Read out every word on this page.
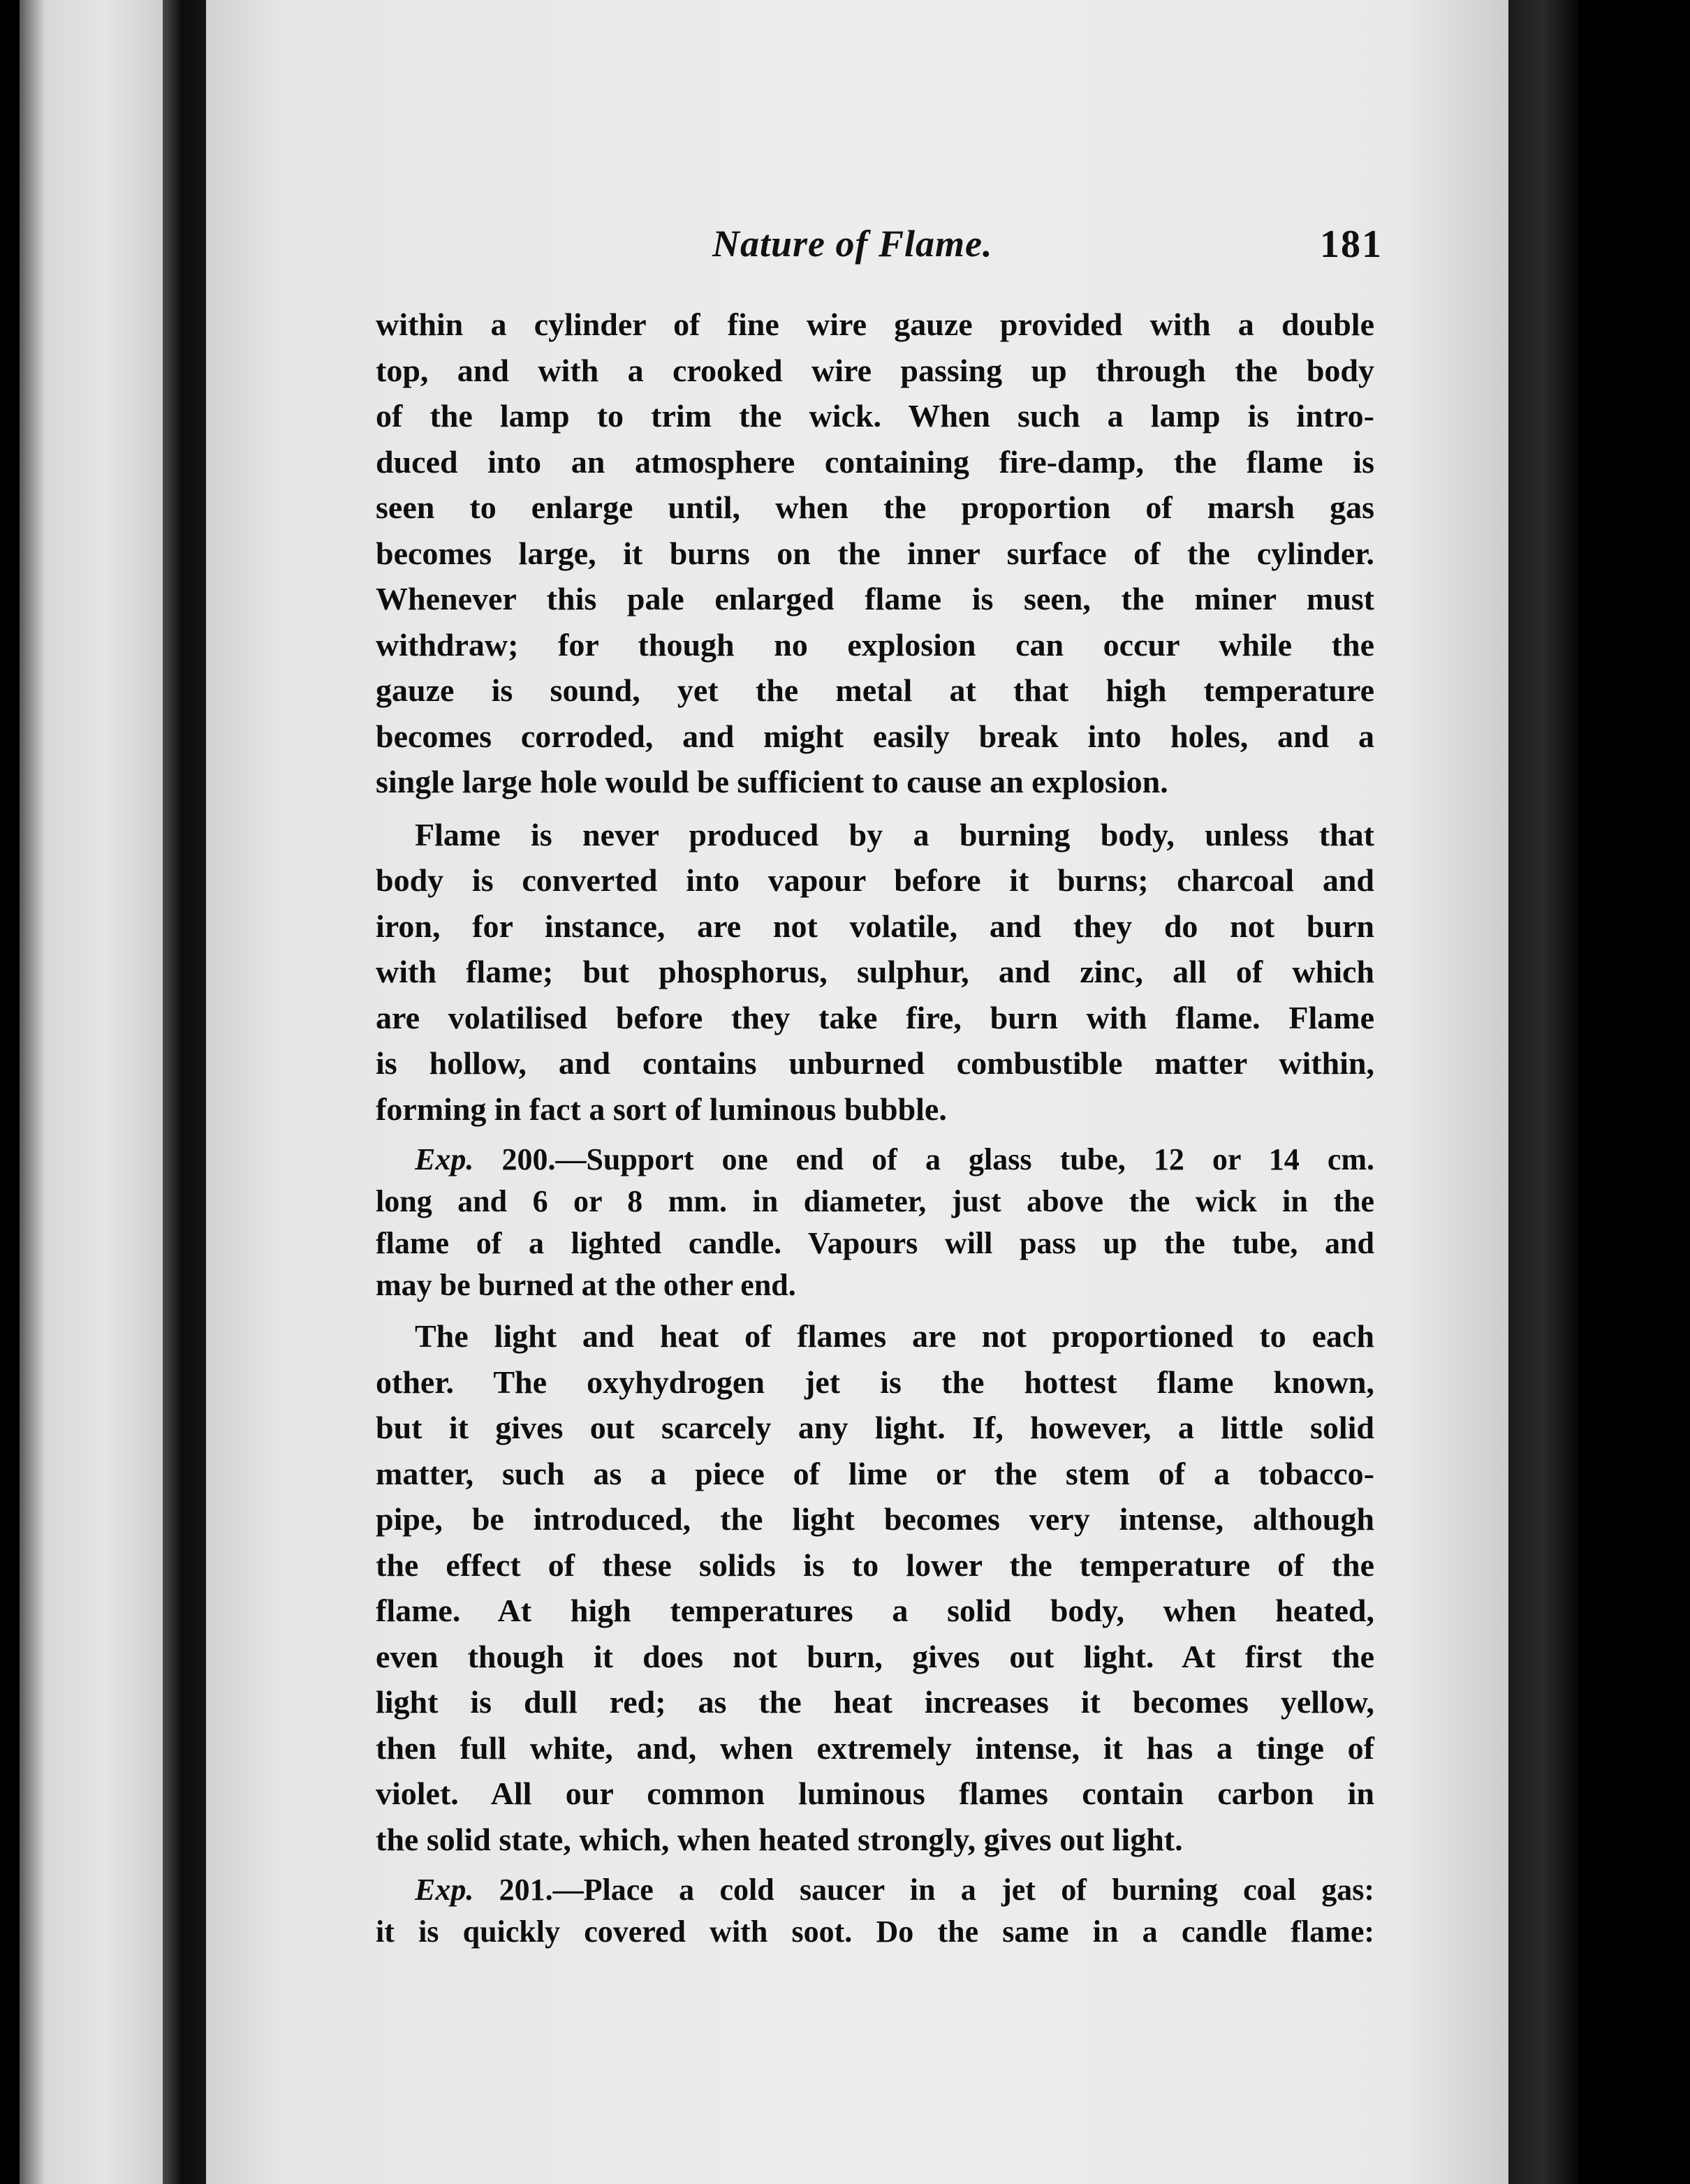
Nature of Flame.	181

within a cylinder of fine wire gauze provided with a double
top, and with a crooked wire passing up through the body
of the lamp to trim the wick. When such a lamp is intro-
duced into an atmosphere containing fire-damp, the flame is
seen to enlarge until, when the proportion of marsh gas
becomes large, it burns on the inner surface of the cylinder.
Whenever this pale enlarged flame is seen, the miner must
withdraw; for though no explosion can occur while the
gauze is sound, yet the metal at that high temperature
becomes corroded, and might easily break into holes, and a
single large hole would be sufficient to cause an explosion.

Flame is never produced by a burning body, unless that
body is converted into vapour before it burns; charcoal and
iron, for instance, are not volatile, and they do not burn
with flame; but phosphorus, sulphur, and zinc, all of which
are volatilised before they take fire, burn with flame. Flame
is hollow, and contains unburned combustible matter within,
forming in fact a sort of luminous bubble.

Exp. 200.—Support one end of a glass tube, 12 or 14 cm.
long and 6 or 8 mm. in diameter, just above the wick in the
flame of a lighted candle. Vapours will pass up the tube, and
may be burned at the other end.

The light and heat of flames are not proportioned to each
other. The oxyhydrogen jet is the hottest flame known,
but it gives out scarcely any light. If, however, a little solid
matter, such as a piece of lime or the stem of a tobacco-
pipe, be introduced, the light becomes very intense, although
the effect of these solids is to lower the temperature of the
flame. At high temperatures a solid body, when heated,
even though it does not burn, gives out light. At first the
light is dull red; as the heat increases it becomes yellow,
then full white, and, when extremely intense, it has a tinge of
violet. All our common luminous flames contain carbon in
the solid state, which, when heated strongly, gives out light.

Exp. 201.—Place a cold saucer in a jet of burning coal gas:
it is quickly covered with soot. Do the same in a candle flame:
